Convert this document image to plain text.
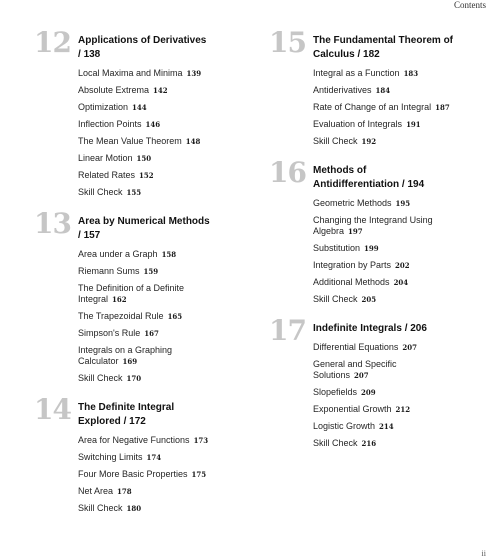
Contents
12 Applications of Derivatives / 138
Local Maxima and Minima 139
Absolute Extrema 142
Optimization 144
Inflection Points 146
The Mean Value Theorem 148
Linear Motion 150
Related Rates 152
Skill Check 155
13 Area by Numerical Methods / 157
Area under a Graph 158
Riemann Sums 159
The Definition of a Definite Integral 162
The Trapezoidal Rule 165
Simpson's Rule 167
Integrals on a Graphing Calculator 169
Skill Check 170
14 The Definite Integral Explored / 172
Area for Negative Functions 173
Switching Limits 174
Four More Basic Properties 175
Net Area 178
Skill Check 180
15 The Fundamental Theorem of Calculus / 182
Integral as a Function 183
Antiderivatives 184
Rate of Change of an Integral 187
Evaluation of Integrals 191
Skill Check 192
16 Methods of Antidifferentiation / 194
Geometric Methods 195
Changing the Integrand Using Algebra 197
Substitution 199
Integration by Parts 202
Additional Methods 204
Skill Check 205
17 Indefinite Integrals / 206
Differential Equations 207
General and Specific Solutions 207
Slopefields 209
Exponential Growth 212
Logistic Growth 214
Skill Check 216
ii
